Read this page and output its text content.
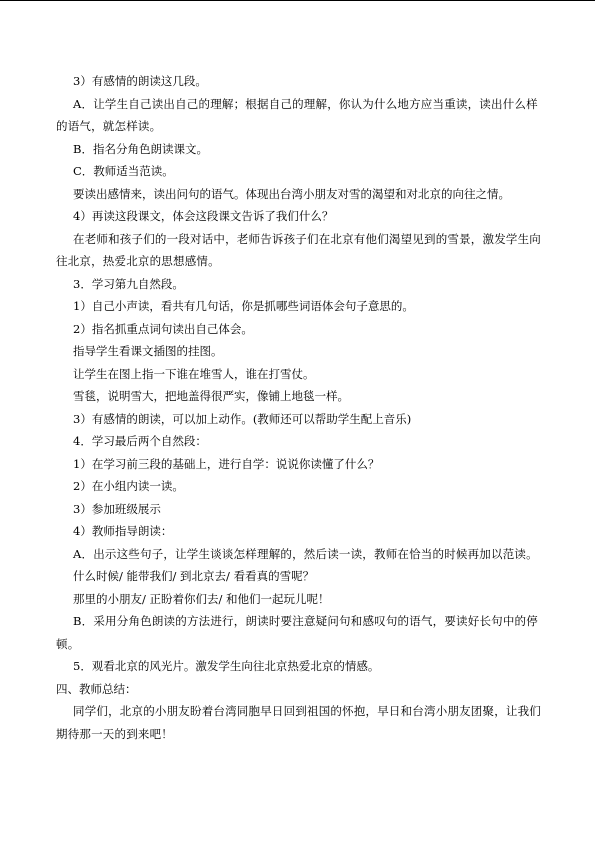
3）有感情的朗读这几段。
A．让学生自己读出自己的理解；根据自己的理解，你认为什么地方应当重读，读出什么样的语气，就怎样读。
B．指名分角色朗读课文。
C．教师适当范读。
要读出感情来，读出问句的语气。体现出台湾小朋友对雪的渴望和对北京的向往之情。
4）再读这段课文，体会这段课文告诉了我们什么？
在老师和孩子们的一段对话中，老师告诉孩子们在北京有他们渴望见到的雪景，激发学生向往北京，热爱北京的思想感情。
3．学习第九自然段。
1）自己小声读，看共有几句话，你是抓哪些词语体会句子意思的。
2）指名抓重点词句读出自己体会。
指导学生看课文插图的挂图。
让学生在图上指一下谁在堆雪人，谁在打雪仗。
雪毯，说明雪大，把地盖得很严实，像铺上地毯一样。
3）有感情的朗读，可以加上动作。(教师还可以帮助学生配上音乐)
4．学习最后两个自然段：
1）在学习前三段的基础上，进行自学：说说你读懂了什么？
2）在小组内读一读。
3）参加班级展示
4）教师指导朗读：
A．出示这些句子，让学生谈谈怎样理解的，然后读一读，教师在恰当的时候再加以范读。
什么时候/ 能带我们/ 到北京去/ 看看真的雪呢？
那里的小朋友/ 正盼着你们去/ 和他们一起玩儿呢！
B．采用分角色朗读的方法进行，朗读时要注意疑问句和感叹句的语气，要读好长句中的停顿。
5．观看北京的风光片。激发学生向往北京热爱北京的情感。
四、教师总结：
同学们，北京的小朋友盼着台湾同胞早日回到祖国的怀抱，早日和台湾小朋友团聚，让我们期待那一天的到来吧！
